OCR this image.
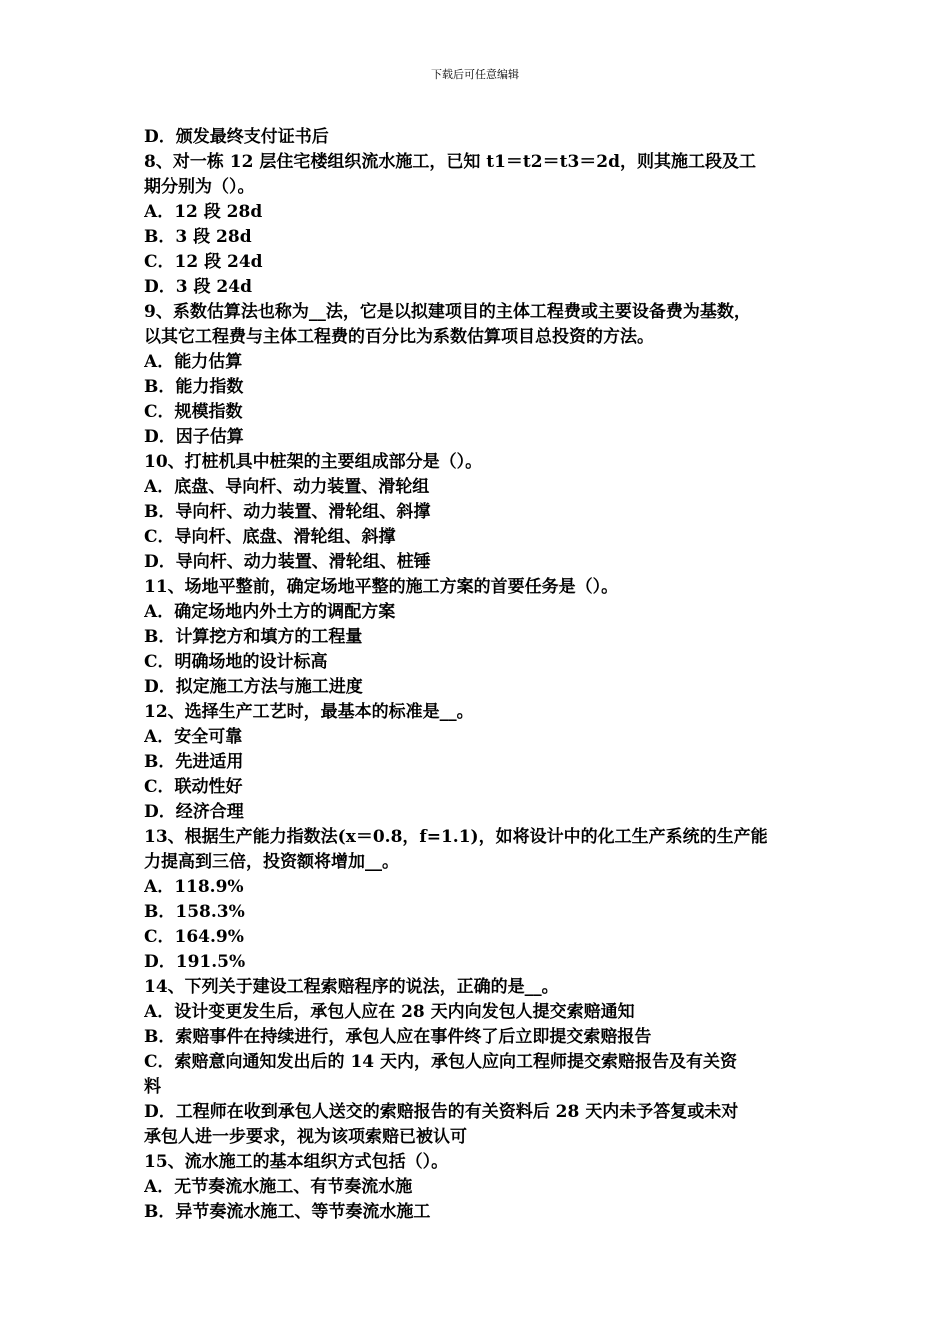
下载后可任意编辑
D．颁发最终支付证书后
8、对一栋 12 层住宅楼组织流水施工，已知 t1＝t2＝t3＝2d，则其施工段及工
期分别为（）。
A．12 段 28d
B．3 段 28d
C．12 段 24d
D．3 段 24d
9、系数估算法也称为__法，它是以拟建项目的主体工程费或主要设备费为基数，
以其它工程费与主体工程费的百分比为系数估算项目总投资的方法。
A．能力估算
B．能力指数
C．规模指数
D．因子估算
10、打桩机具中桩架的主要组成部分是（）。
A．底盘、导向杆、动力装置、滑轮组
B．导向杆、动力装置、滑轮组、斜撑
C．导向杆、底盘、滑轮组、斜撑
D．导向杆、动力装置、滑轮组、桩锤
11、场地平整前，确定场地平整的施工方案的首要任务是（）。
A．确定场地内外土方的调配方案
B．计算挖方和填方的工程量
C．明确场地的设计标高
D．拟定施工方法与施工进度
12、选择生产工艺时，最基本的标准是__。
A．安全可靠
B．先进适用
C．联动性好
D．经济合理
13、根据生产能力指数法(x＝0.8，f=1.1)，如将设计中的化工生产系统的生产能
力提高到三倍，投资额将增加__。
A．118.9%
B．158.3%
C．164.9%
D．191.5%
14、下列关于建设工程索赔程序的说法，正确的是__。
A．设计变更发生后，承包人应在 28 天内向发包人提交索赔通知
B．索赔事件在持续进行，承包人应在事件终了后立即提交索赔报告
C．索赔意向通知发出后的 14 天内，承包人应向工程师提交索赔报告及有关资
料
D．工程师在收到承包人送交的索赔报告的有关资料后 28 天内未予答复或未对
承包人进一步要求，视为该项索赔已被认可
15、流水施工的基本组织方式包括（）。
A．无节奏流水施工、有节奏流水施
B．异节奏流水施工、等节奏流水施工
